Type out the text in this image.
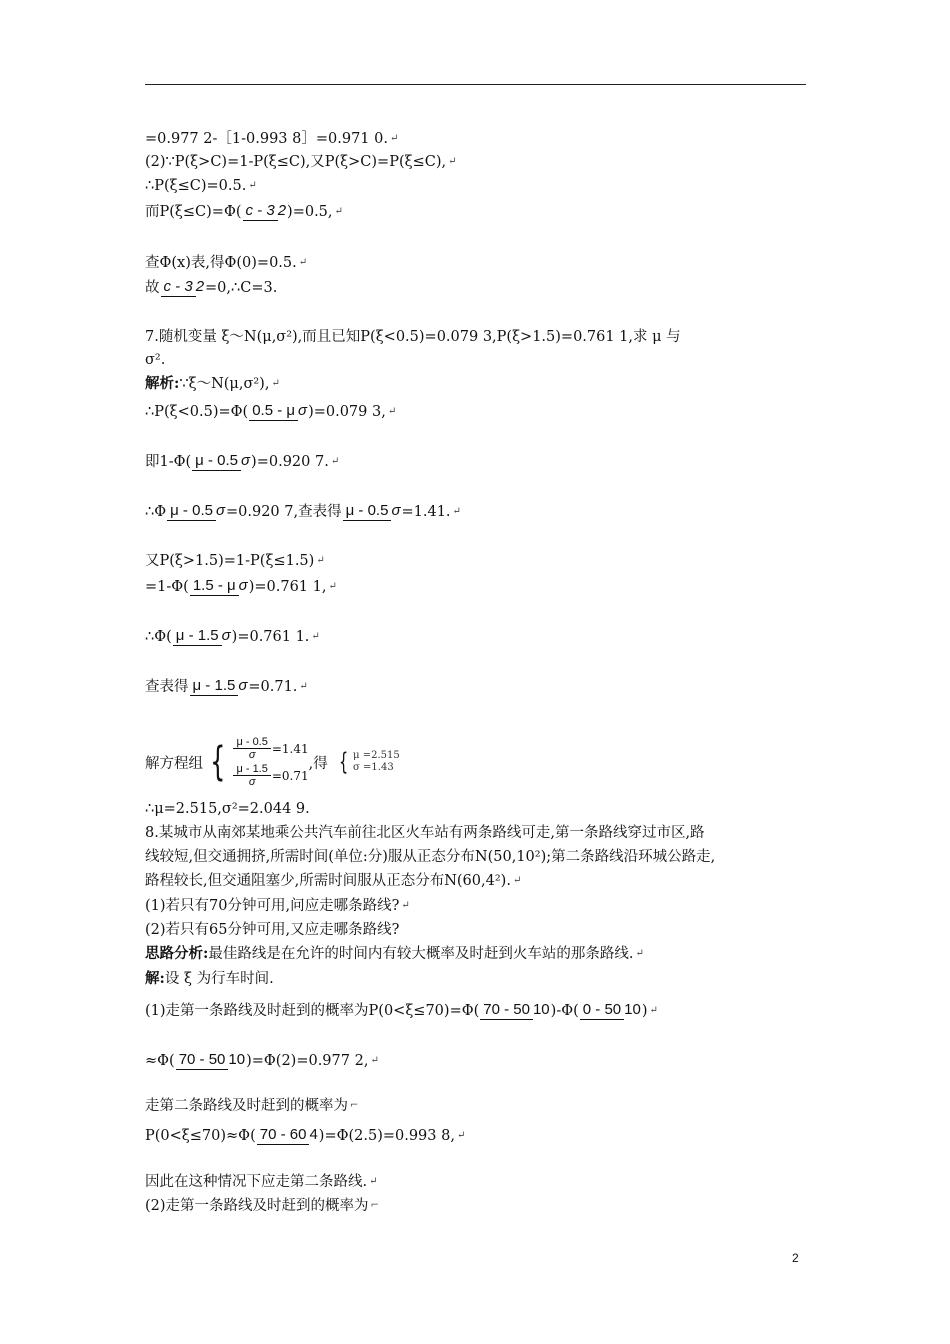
=0.977 2-［1-0.993 8］=0.971 0. ↵
(2)∵P(ξ>C)=1-P(ξ≤C),又P(ξ>C)=P(ξ≤C), ↵
∴P(ξ≤C)=0.5. ↵
而P(ξ≤C)=Φ( c - 3 2 )=0.5, ↵
查Φ(x)表,得Φ(0)=0.5. ↵
故 c - 3 2 =0,∴C=3.
7.随机变量 ξ～N(μ,σ²),而且已知P(ξ<0.5)=0.079 3,P(ξ>1.5)=0.761 1,求 μ 与
σ².
解析: ∵ξ～N(μ,σ²), ↵
∴P(ξ<0.5)=Φ( 0.5 - μ σ )=0.079 3, ↵
即1-Φ( μ - 0.5 σ )=0.920 7. ↵
∴Φ μ - 0.5 σ =0.920 7,查表得 μ - 0.5 σ =1.41. ↵
又P(ξ>1.5)=1-P(ξ≤1.5) ↵
=1-Φ( 1.5 - μ σ )=0.761 1, ↵
∴Φ( μ - 1.5 σ )=0.761 1. ↵
查表得 μ - 1.5 σ =0.71. ↵
解方程组 { $\frac{\mu - 0.5}{\sigma} =1.41$
$\frac{\mu - 1.5}{\sigma} =0.71$
,得 { μ =2.515
σ =1.43
∴μ=2.515,σ²=2.044 9.
8.某城市从南郊某地乘公共汽车前往北区火车站有两条路线可走,第一条路线穿过市区,路
线较短,但交通拥挤,所需时间(单位:分)服从正态分布N(50,10²);第二条路线沿环城公路走,
路程较长,但交通阻塞少,所需时间服从正态分布N(60,4²). ↵
(1)若只有70分钟可用,问应走哪条路线? ↵
(2)若只有65分钟可用,又应走哪条路线?
思路分析: 最佳路线是在允许的时间内有较大概率及时赶到火车站的那条路线. ↵
解: 设 ξ 为行车时间.
(1)走第一条路线及时赶到的概率为P(0<ξ≤70)=Φ( 70 - 50 10 )-Φ( 0 - 50 10 ) ↵
≈Φ( 70 - 50 10 )=Φ(2)=0.977 2, ↵
走第二条路线及时赶到的概率为 ⌐
P(0<ξ≤70)≈Φ( 70 - 60 4 )=Φ(2.5)=0.993 8, ↵
因此在这种情况下应走第二条路线. ↵
(2)走第一条路线及时赶到的概率为 ⌐
2
